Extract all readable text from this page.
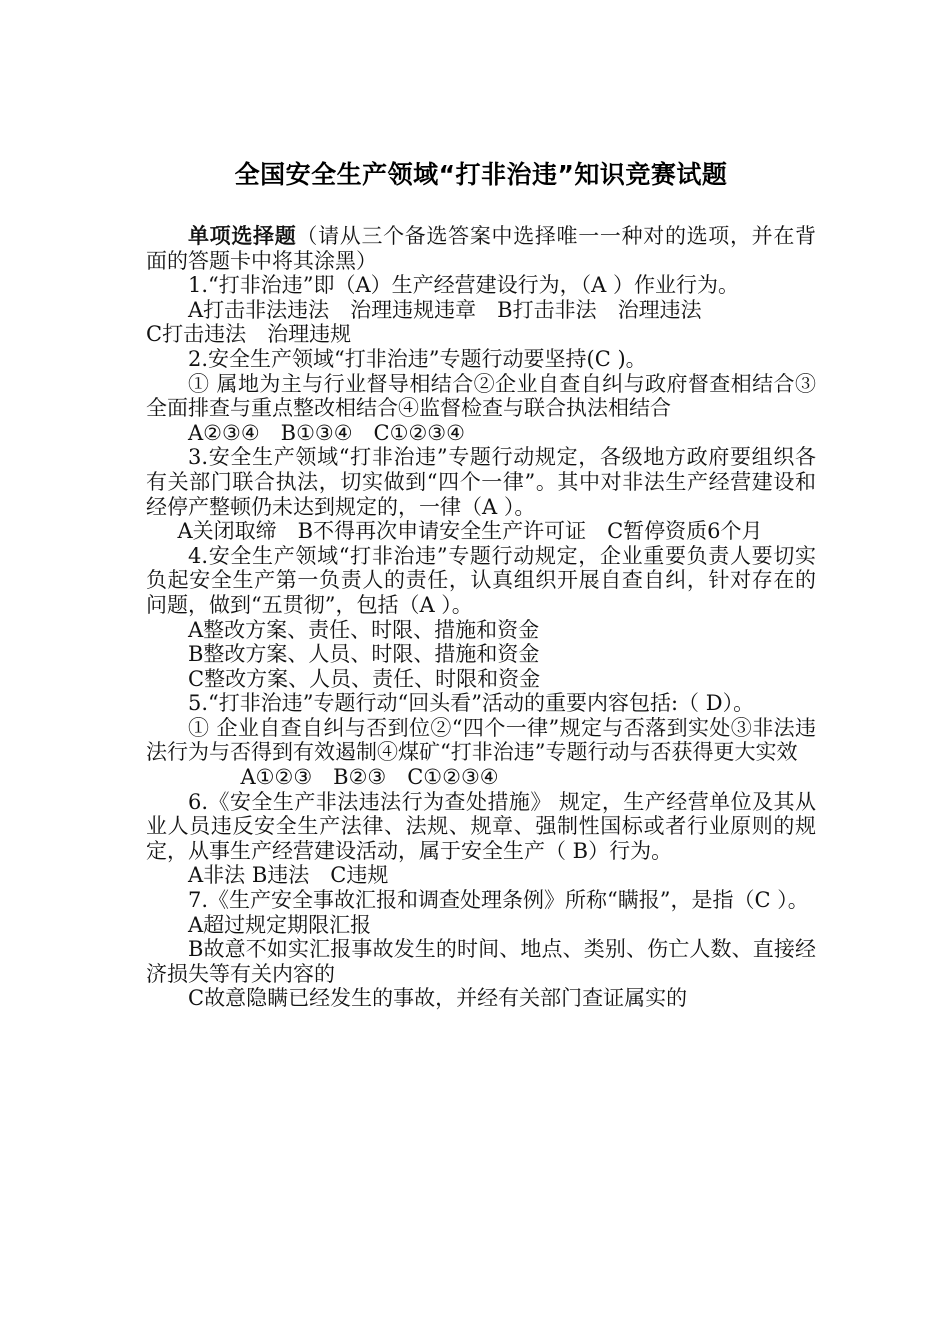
全国安全生产领域“打非治违”知识竞赛试题

单项选择题（请从三个备选答案中选择唯一一种对的选项，并在背面的答题卡中将其涂黑）

1.“打非治违”即（A）生产经营建设行为，（A ）作业行为。

A打击非法违法　治理违规违章　B打击非法　治理违法

C打击违法　治理违规

2.安全生产领域“打非治违”专题行动要坚持(C )。

① 属地为主与行业督导相结合②企业自查自纠与政府督查相结合③全面排查与重点整改相结合④监督检查与联合执法相结合

A②③④　B①③④　C①②③④

3.安全生产领域“打非治违”专题行动规定，各级地方政府要组织各有关部门联合执法，切实做到“四个一律”。其中对非法生产经营建设和经停产整顿仍未达到规定的，一律（A ）。

A关闭取缔　B不得再次申请安全生产许可证　C暂停资质6个月

4.安全生产领域“打非治违”专题行动规定，企业重要负责人要切实负起安全生产第一负责人的责任，认真组织开展自查自纠，针对存在的问题，做到“五贯彻”，包括（A ）。

A整改方案、责任、时限、措施和资金

B整改方案、人员、时限、措施和资金

C整改方案、人员、责任、时限和资金

5.“打非治违”专题行动“回头看”活动的重要内容包括:（ D）。

① 企业自查自纠与否到位②“四个一律”规定与否落到实处③非法违法行为与否得到有效遏制④煤矿“打非治违”专题行动与否获得更大实效

A①②③　B②③　C①②③④

6.《安全生产非法违法行为查处措施》 规定，生产经营单位及其从业人员违反安全生产法律、法规、规章、强制性国标或者行业原则的规定，从事生产经营建设活动，属于安全生产（ B）行为。

A非法 B违法　C违规

7.《生产安全事故汇报和调查处理条例》所称“瞒报”，是指（C ）。

A超过规定期限汇报

B故意不如实汇报事故发生的时间、地点、类别、伤亡人数、直接经济损失等有关内容的

C故意隐瞒已经发生的事故，并经有关部门查证属实的
